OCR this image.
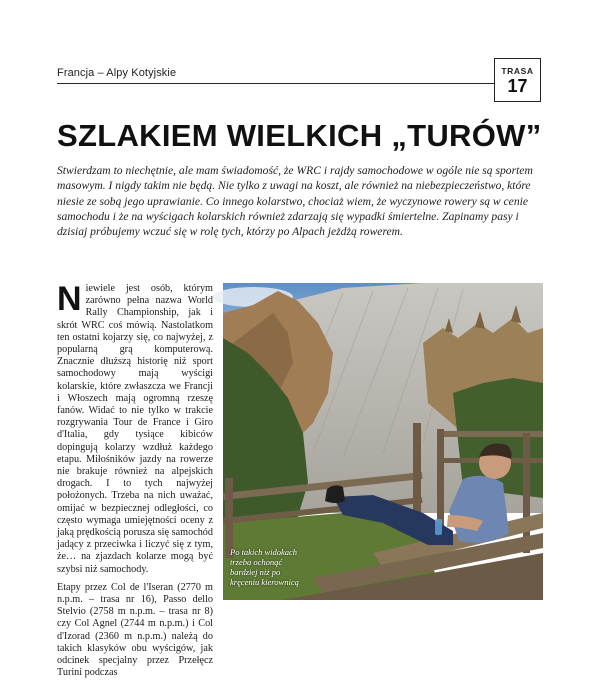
Francja – Alpy Kotyjskie	TRASA
17
SZLAKIEM WIELKICH „TURÓW”

Stwierdzam to niechętnie, ale mam świadomość, że WRC i rajdy samochodowe w ogóle nie są sportem masowym. I nigdy takim nie będą. Nie tylko z uwagi na koszt, ale również na niebezpieczeństwo, które niesie ze sobą jego uprawianie. Co innego kolarstwo, chociaż wiem, że wyczynowe rowery są w cenie samochodu i że na wyścigach kolarskich również zdarzają się wypadki śmiertelne. Zapinamy pasy i dzisiaj próbujemy wczuć się w rolę tych, którzy po Alpach jeżdżą rowerem.

Niewiele jest osób, którym zarówno pełna nazwa World Rally Championship, jak i skrót WRC coś mówią. Nastolatkom ten ostatni kojarzy się, co najwyżej, z popularną grą komputerową. Znacznie dłuższą historię niż sport samochodowy mają wyścigi kolarskie, które zwłaszcza we Francji i Włoszech mają ogromną rzeszę fanów. Widać to nie tylko w trakcie rozgrywania Tour de France i Giro d'Italia, gdy tysiące kibiców dopingują kolarzy wzdłuż każdego etapu. Miłośników jazdy na rowerze nie brakuje również na alpejskich drogach. I to tych najwyżej położonych. Trzeba na nich uważać, omijać w bezpiecznej odległości, co często wymaga umiejętności oceny z jaką prędkością porusza się samochód jadący z przeciwka i liczyć się z tym, że… na zjazdach kolarze mogą być szybsi niż samochody.

Etapy przez Col de l'Iseran (2770 m n.p.m. – trasa nr 16), Passo dello Stelvio (2758 m n.p.m. – trasa nr 8) czy Col Agnel (2744 m n.p.m.) i Col d'Izorad (2360 m n.p.m.) należą do takich klasyków obu wyścigów, jak odcinek specjalny przez Przełęcz Turini podczas

Po takich widokach trzeba ochonąć bardziej niż po kręceniu kierownicą
